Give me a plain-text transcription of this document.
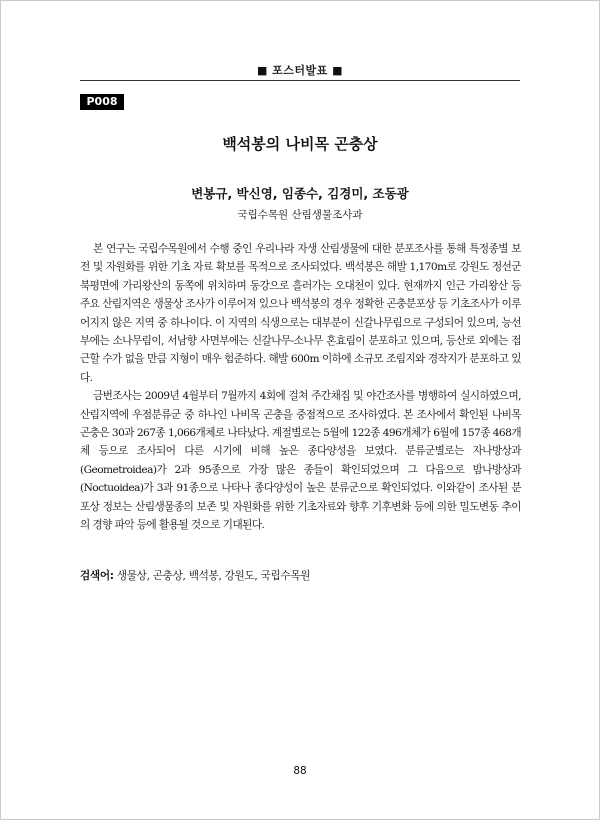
■ 포스터발표 ■
P008
백석봉의 나비목 곤충상
변봉규, 박신영, 임종수, 김경미, 조동광
국립수목원 산림생물조사과

본 연구는 국립수목원에서 수행 중인 우리나라 자생 산림생물에 대한 분포조사를 통해 특정종별 보전 및 자원화를 위한 기초 자료 확보를 목적으로 조사되었다. 백석봉은 해발 1,170m로 강원도 정선군 북평면에 가리왕산의 동쪽에 위치하며 동강으로 흘러가는 오대천이 있다. 현재까지 인근 가리왕산 등 주요 산림지역은 생물상 조사가 이루어져 있으나 백석봉의 경우 정확한 곤충분포상 등 기초조사가 이루어지지 않은 지역 중 하나이다. 이 지역의 식생으로는 대부분이 신갈나무림으로 구성되어 있으며, 능선부에는 소나무림이, 서남향 사면부에는 신갈나무-소나무 혼효림이 분포하고 있으며, 등산로 외에는 접근할 수가 없을 만큼 지형이 매우 험준하다. 해발 600m 이하에 소규모 조림지와 경작지가 분포하고 있다.

금번조사는 2009년 4월부터 7월까지 4회에 걸쳐 주간채집 및 야간조사를 병행하여 실시하였으며, 산림지역에 우점분류군 중 하나인 나비목 곤충을 중점적으로 조사하였다. 본 조사에서 확인된 나비목 곤충은 30과 267종 1,066개체로 나타났다. 계절별로는 5월에 122종 496개체가 6월에 157종 468개체 등으로 조사되어 다른 시기에 비해 높은 종다양성을 보였다. 분류군별로는 자나방상과(Geometroidea)가 2과 95종으로 가장 많은 종들이 확인되었으며 그 다음으로 밤나방상과(Noctuoidea)가 3과 91종으로 나타나 종다양성이 높은 분류군으로 확인되었다. 이와같이 조사된 분포상 정보는 산림생물종의 보존 및 자원화를 위한 기초자료와 향후 기후변화 등에 의한 밀도변동 추이의 경향 파악 등에 활용될 것으로 기대된다.

검색어: 생물상, 곤충상, 백석봉, 강원도, 국립수목원
88
